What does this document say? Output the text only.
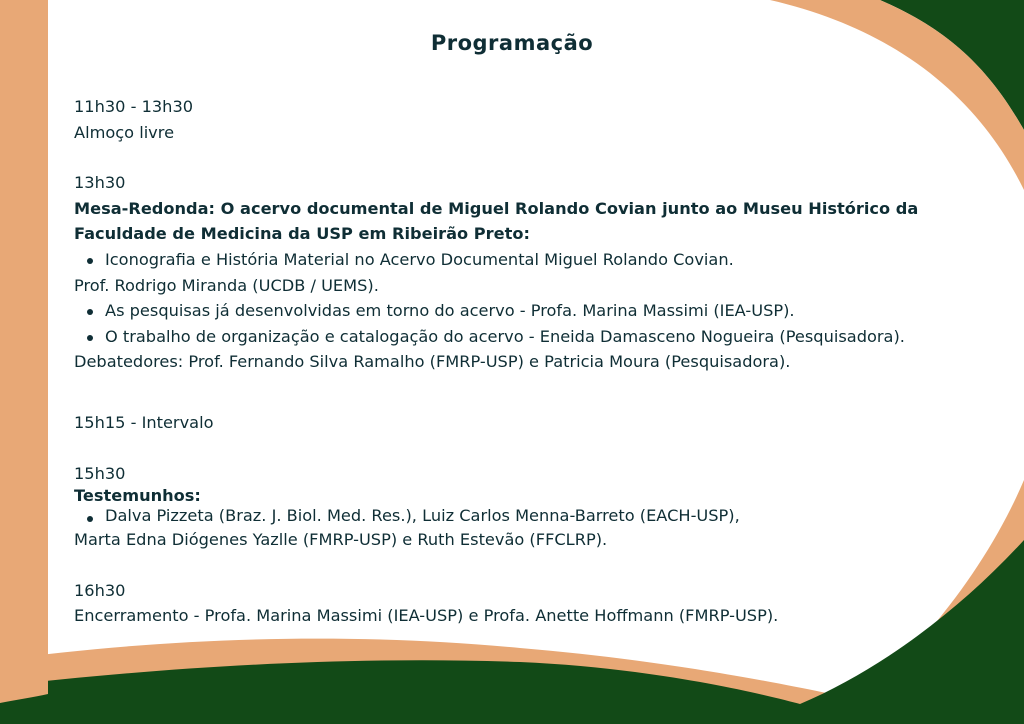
Programação
11h30 - 13h30
Almoço livre
13h30
Mesa-Redonda: O acervo documental de Miguel Rolando Covian junto ao Museu Histórico da
Faculdade de Medicina da USP em Ribeirão Preto:
Iconografia e História Material no Acervo Documental Miguel Rolando Covian.
Prof. Rodrigo Miranda (UCDB / UEMS).
As pesquisas já desenvolvidas em torno do acervo - Profa. Marina Massimi (IEA-USP).
O trabalho de organização e catalogação do acervo - Eneida Damasceno Nogueira (Pesquisadora).
Debatedores: Prof. Fernando Silva Ramalho (FMRP-USP) e Patricia Moura (Pesquisadora).
15h15 - Intervalo
15h30
Testemunhos:
Dalva Pizzeta (Braz. J. Biol. Med. Res.), Luiz Carlos Menna-Barreto (EACH-USP),
Marta Edna Diógenes Yazlle (FMRP-USP) e Ruth Estevão (FFCLRP).
16h30
Encerramento - Profa. Marina Massimi (IEA-USP) e Profa. Anette Hoffmann (FMRP-USP).
